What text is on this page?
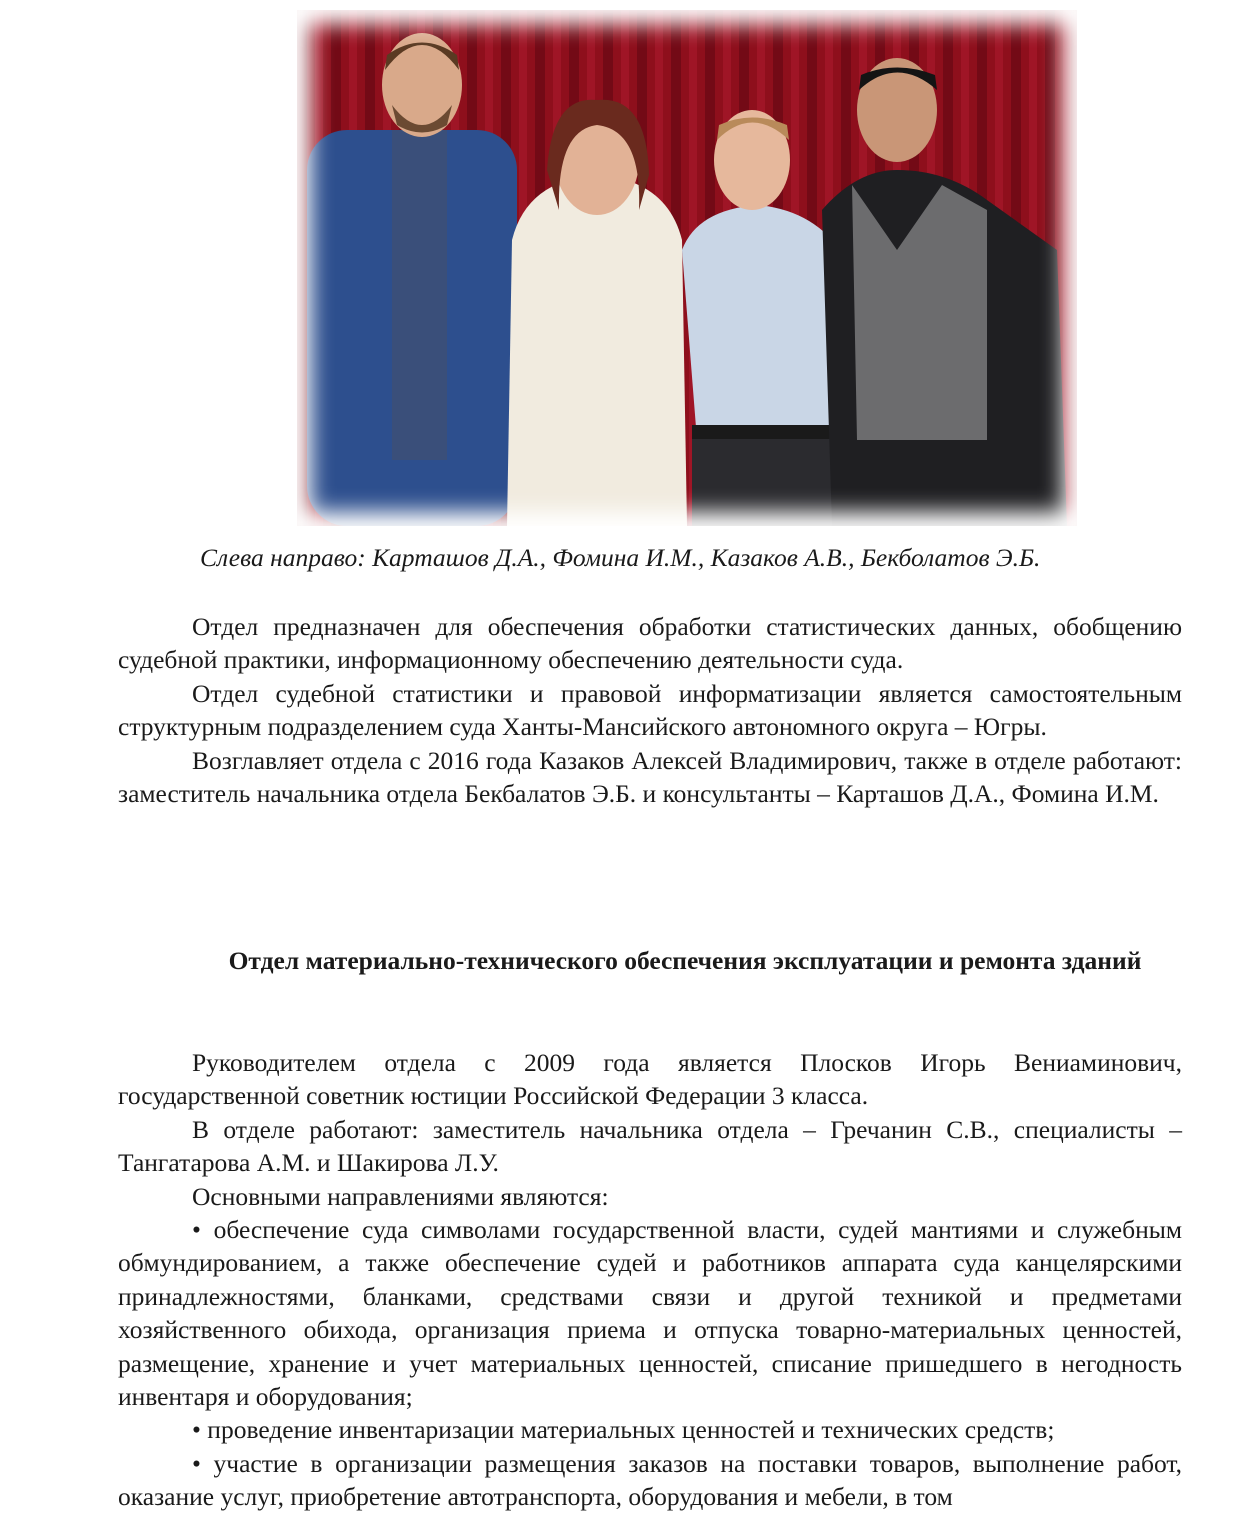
Слева направо: Карташов Д.А., Фомина И.М., Казаков А.В., Бекболатов Э.Б.

Отдел предназначен для обеспечения обработки статистических данных, обобщению судебной практики, информационному обеспечению деятельности суда.

Отдел судебной статистики и правовой информатизации является самостоятельным структурным подразделением суда Ханты-Мансийского автономного округа – Югры.

Возглавляет отдела с 2016 года Казаков Алексей Владимирович, также в отделе работают: заместитель начальника отдела Бекбалатов Э.Б. и консультанты – Карташов Д.А., Фомина И.М.

Отдел материально-технического обеспечения эксплуатации и ремонта зданий

Руководителем отдела с 2009 года является Плосков Игорь Вениаминович, государственной советник юстиции Российской Федерации 3 класса.

В отделе работают: заместитель начальника отдела – Гречанин С.В., специалисты – Тангатарова А.М. и Шакирова Л.У.

Основными направлениями являются:

• обеспечение суда символами государственной власти, судей мантиями и служебным обмундированием, а также обеспечение судей и работников аппарата суда канцелярскими принадлежностями, бланками, средствами связи и другой техникой и предметами хозяйственного обихода, организация приема и отпуска товарно-материальных ценностей, размещение, хранение и учет материальных ценностей, списание пришедшего в негодность инвентаря и оборудования;

• проведение инвентаризации материальных ценностей и технических средств;

• участие в организации размещения заказов на поставки товаров, выполнение работ, оказание услуг, приобретение автотранспорта, оборудования и мебели, в том
